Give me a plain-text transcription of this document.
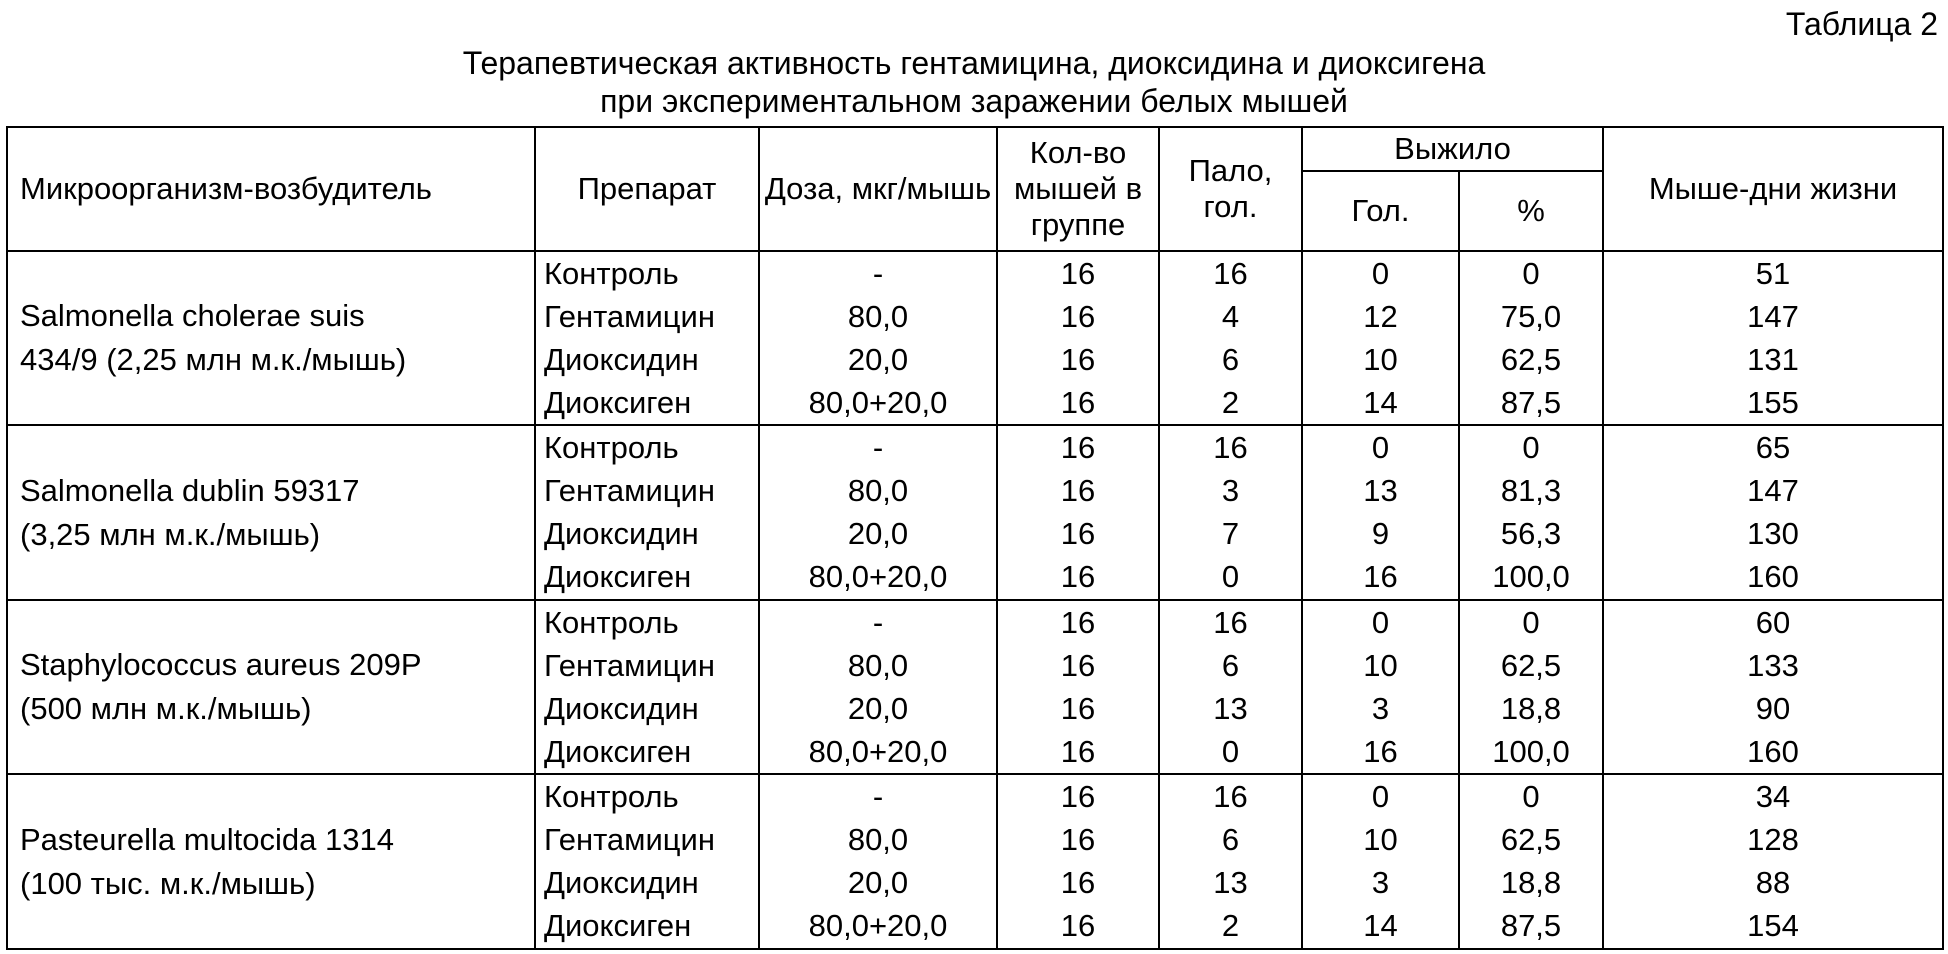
Таблица 2
Терапевтическая активность гентамицина, диоксидина и диоксигена
при экспериментальном заражении белых мышей
Микроорганизм-возбудитель	Препарат	Доза, мкг/мышь	Кол-во мышей в группе	Пало, гол.	Выжило		Мыше-дни жизни
					Гол.	%	
Salmonella cholerae suis
434/9 (2,25 млн м.к./мышь)	Контроль	-	16	16	0	0	51
	Гентамицин	80,0	16	4	12	75,0	147
	Диоксидин	20,0	16	6	10	62,5	131
	Диоксиген	80,0+20,0	16	2	14	87,5	155
Salmonella dublin 59317
(3,25 млн м.к./мышь)	Контроль	-	16	16	0	0	65
	Гентамицин	80,0	16	3	13	81,3	147
	Диоксидин	20,0	16	7	9	56,3	130
	Диоксиген	80,0+20,0	16	0	16	100,0	160
Staphylococcus aureus 209P
(500 млн м.к./мышь)	Контроль	-	16	16	0	0	60
	Гентамицин	80,0	16	6	10	62,5	133
	Диоксидин	20,0	16	13	3	18,8	90
	Диоксиген	80,0+20,0	16	0	16	100,0	160
Pasteurella multocida 1314
(100 тыс. м.к./мышь)	Контроль	-	16	16	0	0	34
	Гентамицин	80,0	16	6	10	62,5	128
	Диоксидин	20,0	16	13	3	18,8	88
	Диоксиген	80,0+20,0	16	2	14	87,5	154
